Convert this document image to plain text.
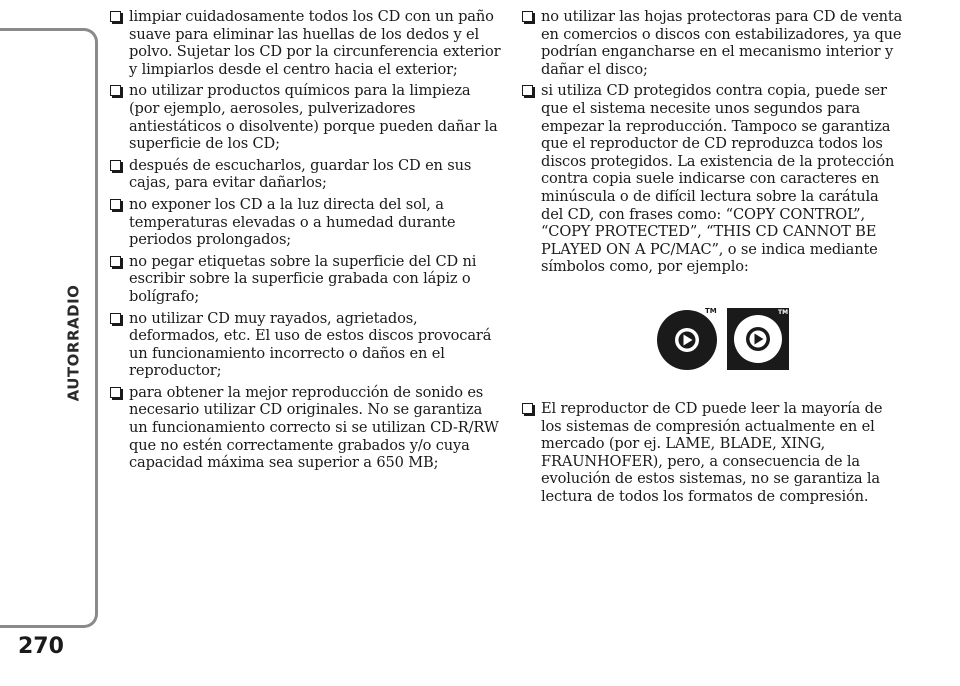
AUTORRADIO
270
limpiar cuidadosamente todos los CD con un paño suave para eliminar las huellas de los dedos y el polvo. Sujetar los CD por la circunferencia exterior y limpiarlos desde el centro hacia el exterior;
no utilizar productos químicos para la limpieza (por ejemplo, aerosoles, pulverizadores antiestáticos o disolvente) porque pueden dañar la superficie de los CD;
después de escucharlos, guardar los CD en sus cajas, para evitar dañarlos;
no exponer los CD a la luz directa del sol, a temperaturas elevadas o a humedad durante periodos prolongados;
no pegar etiquetas sobre la superficie del CD ni escribir sobre la superficie grabada con lápiz o bolígrafo;
no utilizar CD muy rayados, agrietados, deformados, etc. El uso de estos discos provocará un funcionamiento incorrecto o daños en el reproductor;
para obtener la mejor reproducción de sonido es necesario utilizar CD originales. No se garantiza un funcionamiento correcto si se utilizan CD-R/RW que no estén correctamente grabados y/o cuya capacidad máxima sea superior a 650 MB;
no utilizar las hojas protectoras para CD de venta en comercios o discos con estabilizadores, ya que podrían engancharse en el mecanismo interior y dañar el disco;
si utiliza CD protegidos contra copia, puede ser que el sistema necesite unos segundos para empezar la reproducción. Tampoco se garantiza que el reproductor de CD reproduzca todos los discos protegidos. La existencia de la protección contra copia suele indicarse con caracteres en minúscula o de difícil lectura sobre la carátula del CD, con frases como: “COPY CONTROL”, “COPY PROTECTED”, “THIS CD CANNOT BE PLAYED ON A PC/MAC”, o se indica mediante símbolos como, por ejemplo:
TM	TM
El reproductor de CD puede leer la mayoría de los sistemas de compresión actualmente en el mercado (por ej. LAME, BLADE, XING, FRAUNHOFER), pero, a consecuencia de la evolución de estos sistemas, no se garantiza la lectura de todos los formatos de compresión.
